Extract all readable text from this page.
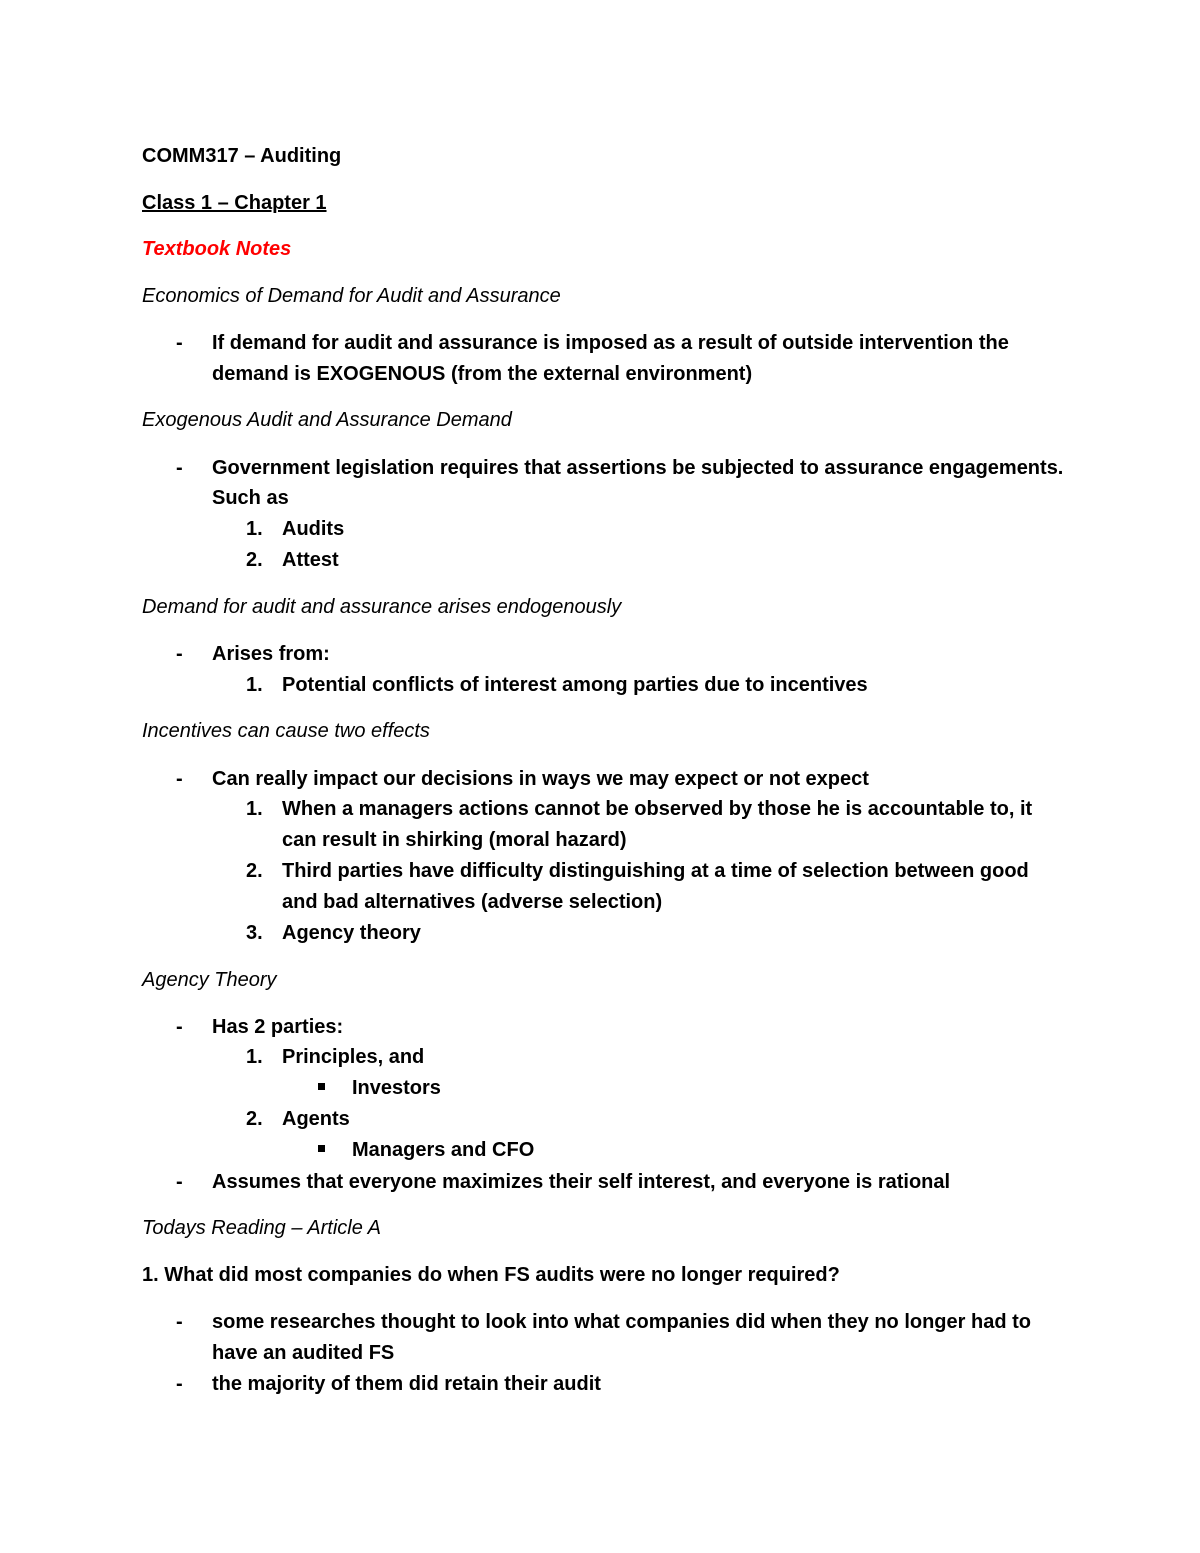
COMM317 – Auditing
Class 1 – Chapter 1
Textbook Notes
Economics of Demand for Audit and Assurance
- If demand for audit and assurance is imposed as a result of outside intervention the
demand is EXOGENOUS (from the external environment)
Exogenous Audit and Assurance Demand
- Government legislation requires that assertions be subjected to assurance engagements.
Such as
1. Audits
2. Attest
Demand for audit and assurance arises endogenously
- Arises from:
1. Potential conflicts of interest among parties due to incentives
Incentives can cause two effects
- Can really impact our decisions in ways we may expect or not expect
1. When a managers actions cannot be observed by those he is accountable to, it
can result in shirking (moral hazard)
2. Third parties have difficulty distinguishing at a time of selection between good
and bad alternatives (adverse selection)
3. Agency theory
Agency Theory
- Has 2 parties:
1. Principles, and
Investors
2. Agents
Managers and CFO
- Assumes that everyone maximizes their self interest, and everyone is rational
Todays Reading – Article A
1. What did most companies do when FS audits were no longer required?
- some researches thought to look into what companies did when they no longer had to
have an audited FS
- the majority of them did retain their audit
